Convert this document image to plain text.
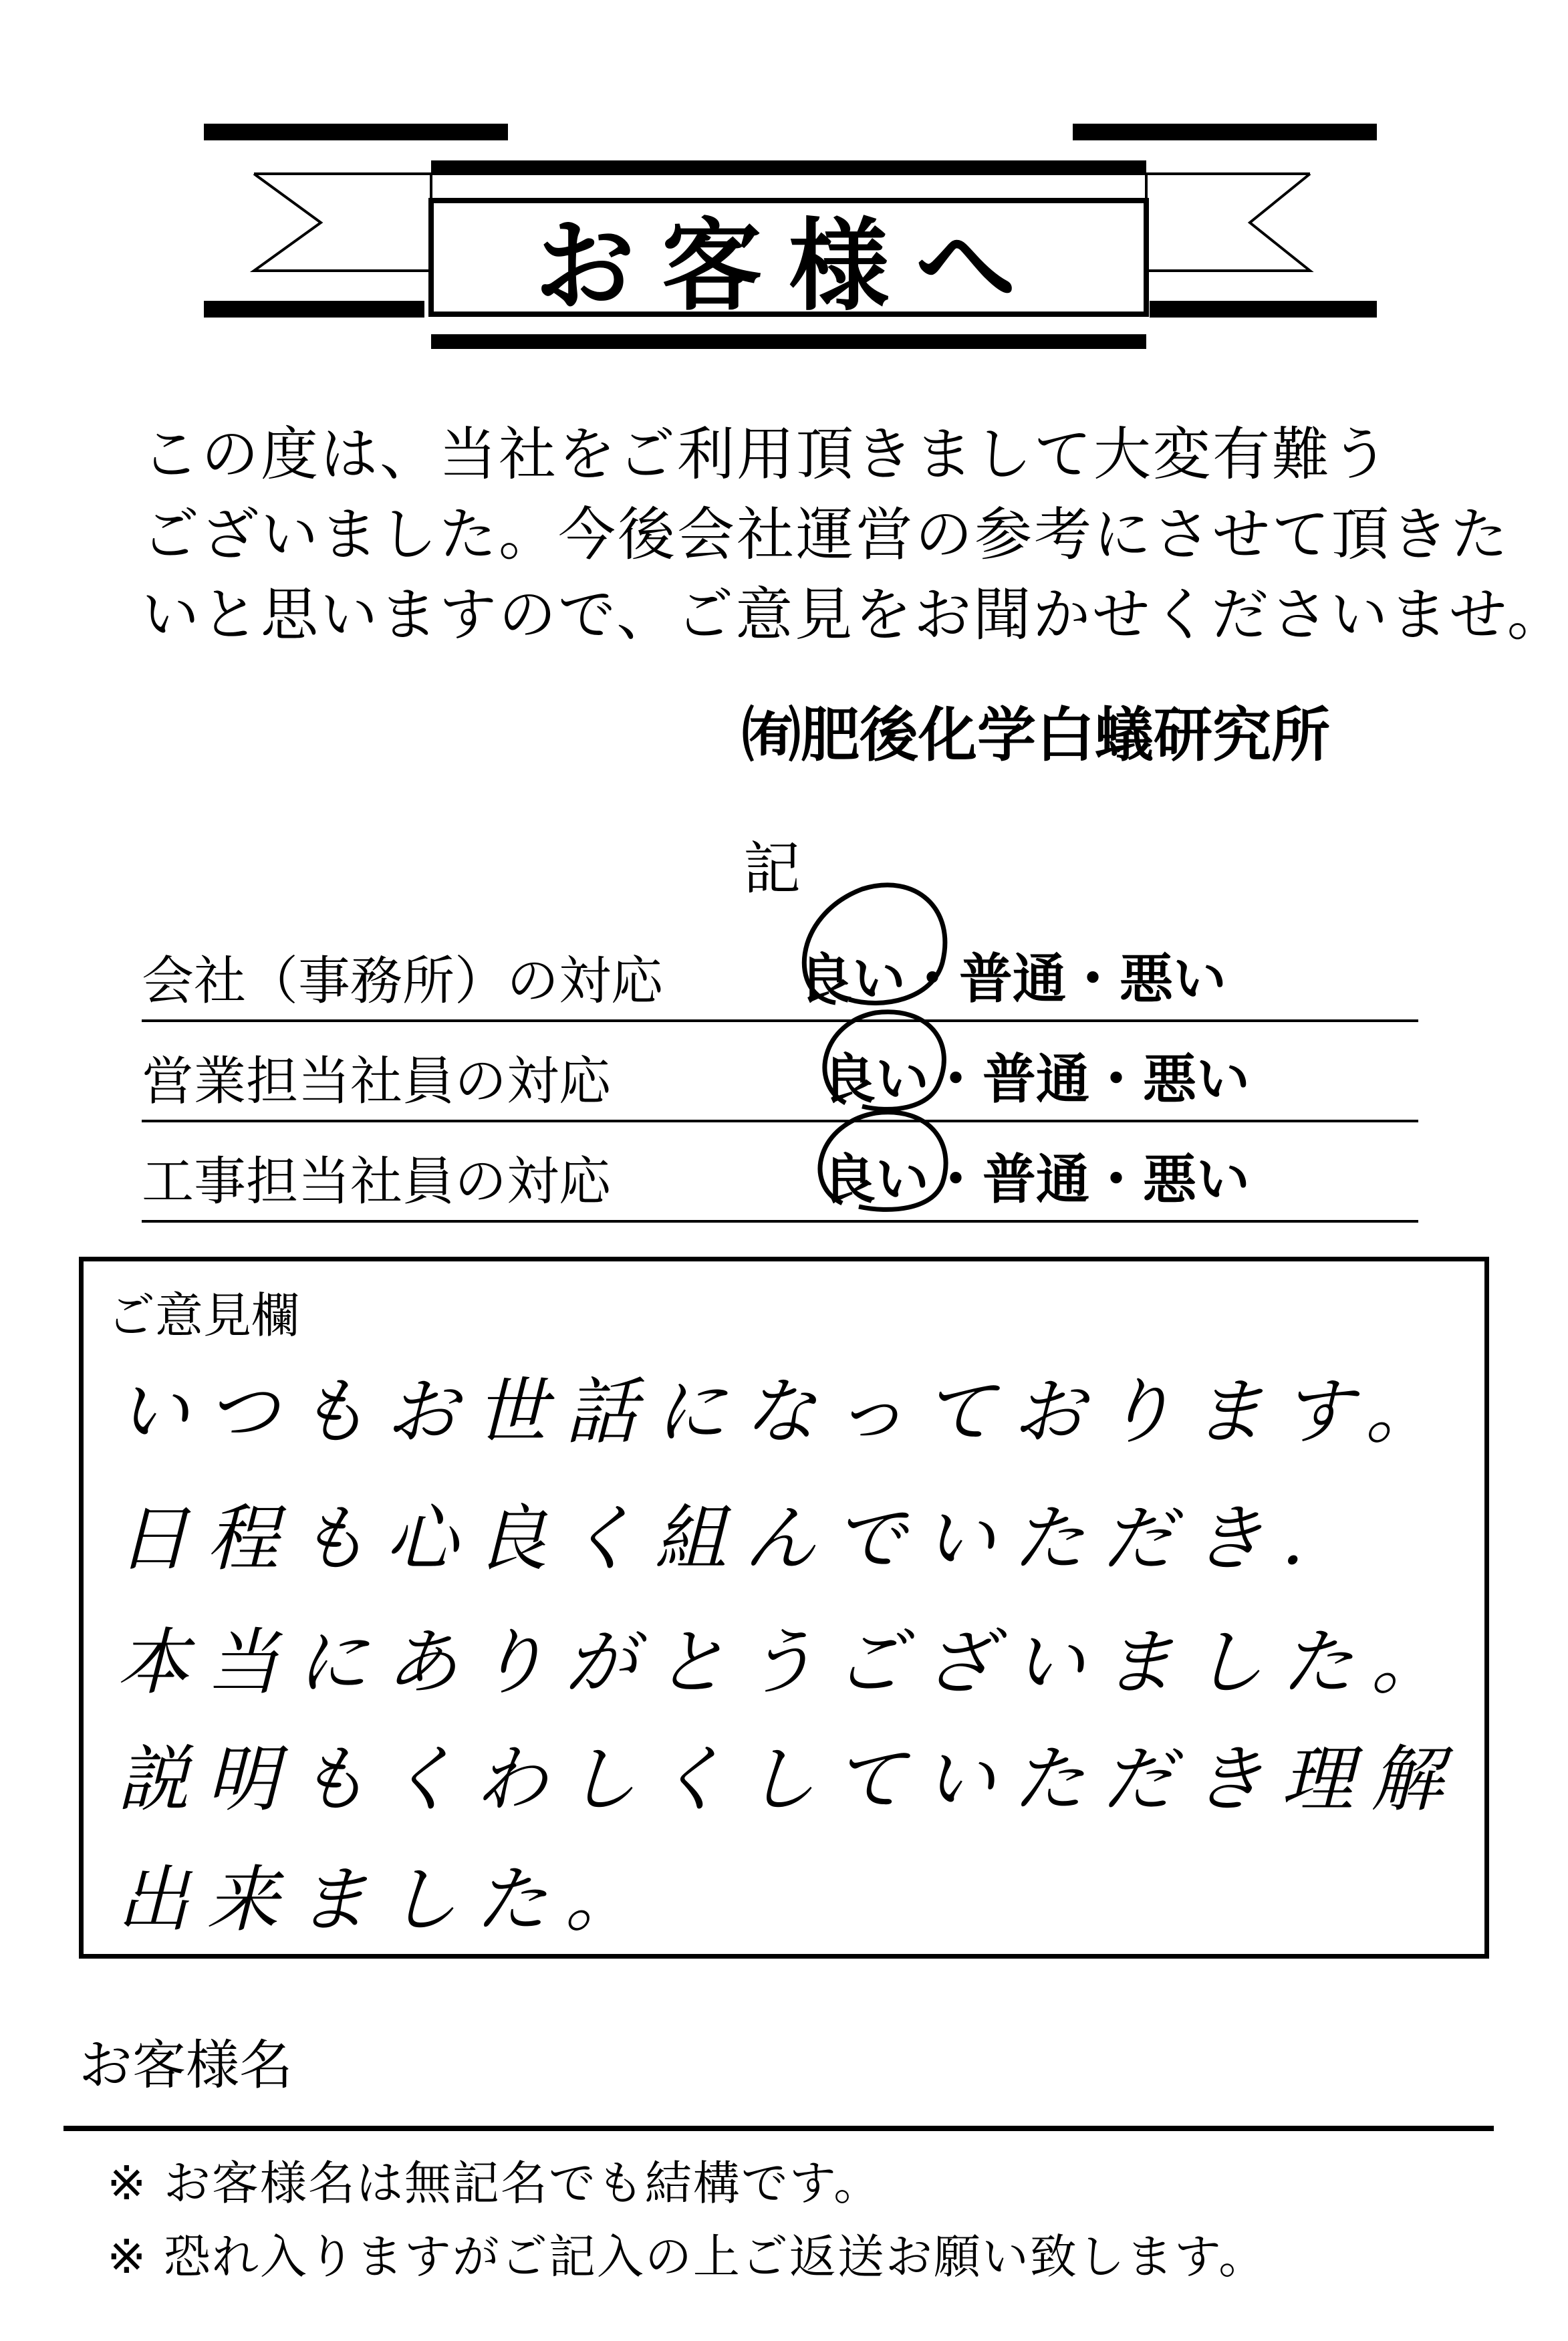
お客様へ
この度は、当社をご利用頂きまして大変有難う
ございました。今後会社運営の参考にさせて頂きた
いと思いますので、ご意見をお聞かせくださいませ。
㈲肥後化学白蟻研究所
記
会社（事務所）の対応	良い・普通・悪い
営業担当社員の対応	良い・普通・悪い
工事担当社員の対応	良い・普通・悪い
ご意見欄
いつもお世話になっております。
日程も心良く組んでいただき.
本当にありがとうございました。
説明もくわしくしていただき理解
出来ました。
お客様名
※ お客様名は無記名でも結構です。
※ 恐れ入りますがご記入の上ご返送お願い致します。
